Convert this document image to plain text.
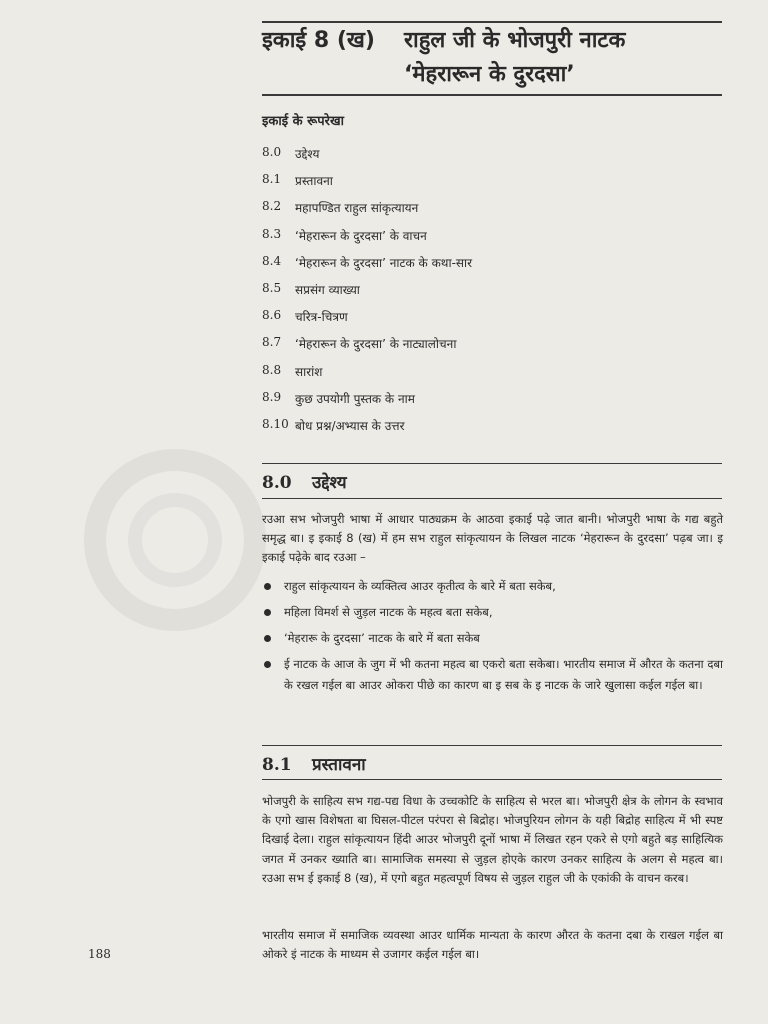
इकाई 8 (ख) राहुल जी के भोजपुरी नाटक
‘मेहरारून के दुरदसा’
इकाई के रूपरेखा
8.0	उद्देश्य
8.1	प्रस्तावना
8.2	महापण्डित राहुल सांकृत्यायन
8.3	‘मेहरारून के दुरदसा’ के वाचन
8.4	‘मेहरारून के दुरदसा’ नाटक के कथा-सार
8.5	सप्रसंग व्याख्या
8.6	चरित्र-चित्रण
8.7	‘मेहरारून के दुरदसा’ के नाट्यालोचना
8.8	सारांश
8.9	कुछ उपयोगी पुस्तक के नाम
8.10 बोध प्रश्न/अभ्यास के उत्तर
8.0 उद्देश्य
रउआ सभ भोजपुरी भाषा में आधार पाठ्यक्रम के आठवा इकाई पढ़े जात बानी। भोजपुरी भाषा के गद्य बहुते समृद्ध बा। इ इकाई 8 (ख) में हम सभ राहुल सांकृत्यायन के लिखल नाटक ‘मेहरारून के दुरदसा’ पढ़ब जा। इ इकाई पढ़ेके बाद रउआ –
राहुल सांकृत्यायन के व्यक्तित्व आउर कृतीत्व के बारे में बता सकेब,
महिला विमर्श से जुड़ल नाटक के महत्व बता सकेब,
‘मेहरारू के दुरदसा’ नाटक के बारे में बता सकेब
ई नाटक के आज के जुग में भी कतना महत्व बा एकरो बता सकेबा। भारतीय समाज में औरत के कतना दबा के रखल गईल बा आउर ओकरा पीछे का कारण बा इ सब के इ नाटक के जारे खुलासा कईल गईल बा।
8.1 प्रस्तावना
भोजपुरी के साहित्य सभ गद्य-पद्य विधा के उच्चकोटि के साहित्य से भरल बा। भोजपुरी क्षेत्र के लोगन के स्वभाव के एगो खास विशेषता बा घिसल-पीटल परंपरा से बिद्रोह। भोजपुरियन लोगन के यही बिद्रोह साहित्य में भी स्पष्ट दिखाई देला। राहुल सांकृत्यायन हिंदी आउर भोजपुरी दूनों भाषा में लिखत रहन एकरे से एगो बहुते बड़ साहित्यिक जगत में उनकर ख्याति बा। सामाजिक समस्या से जुड़ल होएके कारण उनकर साहित्य के अलग से महत्व बा। रउआ सभ ई इकाई 8 (ख), में एगो बहुत महत्वपूर्ण विषय से जुड़ल राहुल जी के एकांकी के वाचन करब।
भारतीय समाज में समाजिक व्यवस्था आउर धार्मिक मान्यता के कारण औरत के कतना दबा के राखल गईल बा ओकरे इं नाटक के माध्यम से उजागर कईल गईल बा।
188
